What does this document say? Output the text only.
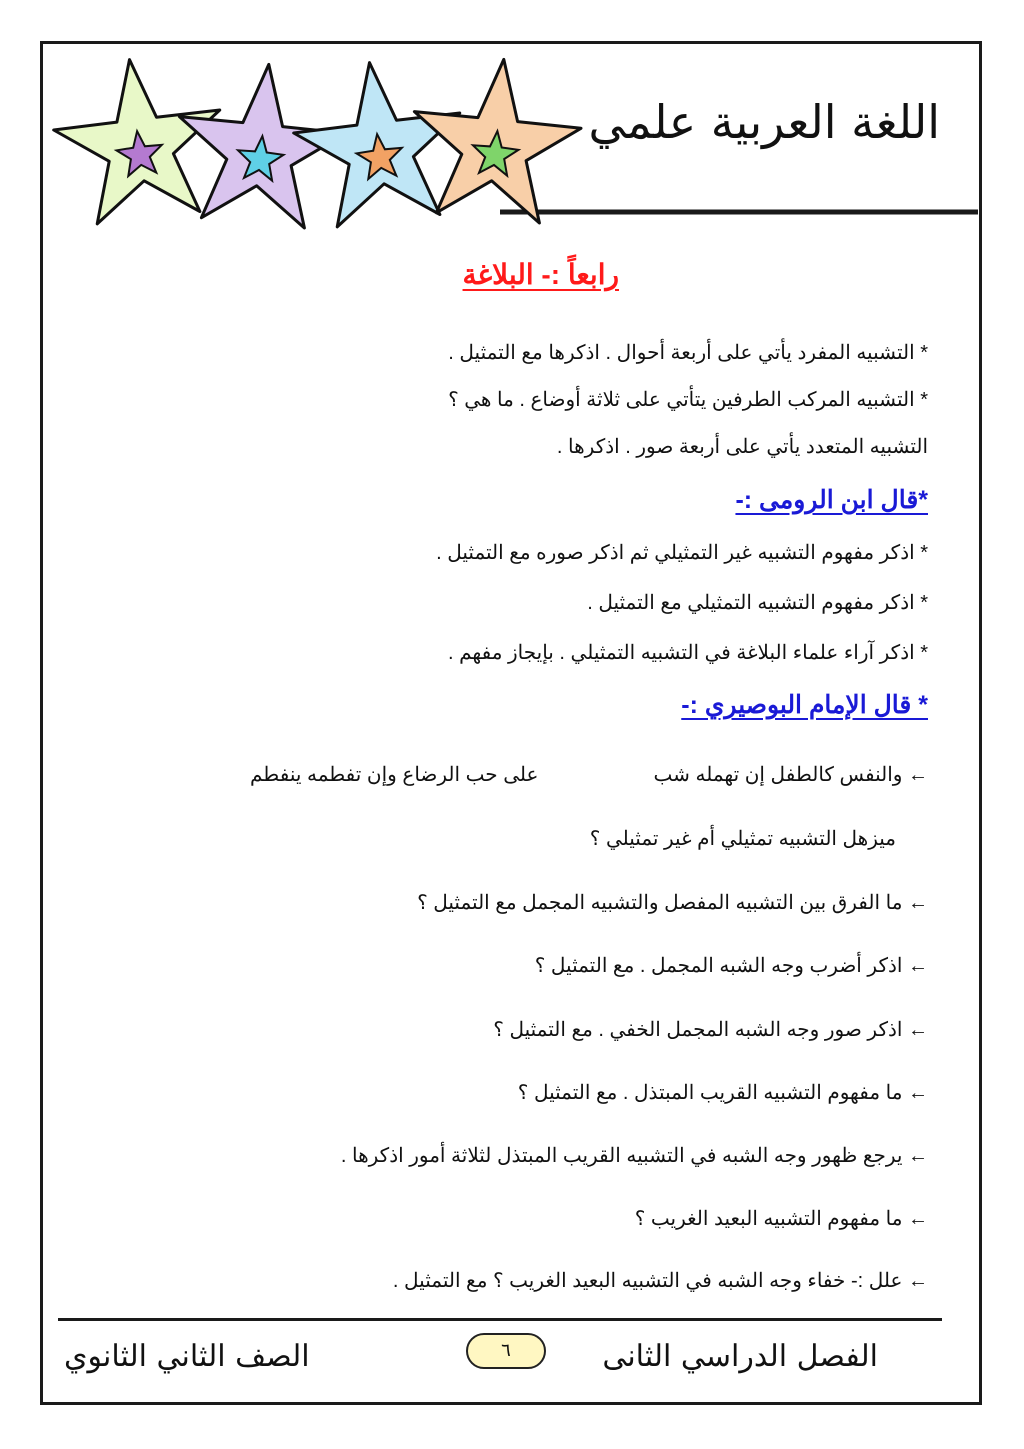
اللغة العربية علمي
رابعاً :- البلاغة
* التشبيه المفرد يأتي على أربعة أحوال . اذكرها مع التمثيل .
* التشبيه المركب الطرفين يتأتي على ثلاثة أوضاع . ما هي ؟
التشبيه المتعدد يأتي على أربعة صور . اذكرها .
*قال ابن الرومى :-
* اذكر مفهوم التشبيه غير التمثيلي ثم اذكر صوره مع التمثيل .
* اذكر مفهوم التشبيه التمثيلي مع التمثيل .
* اذكر آراء علماء البلاغة في التشبيه التمثيلي . بإيجاز مفهم .
* قال الإمام البوصيري :-
← والنفس كالطفل إن تهمله شب
على حب الرضاع وإن تفطمه ينفطم
ميزهل التشبيه تمثيلي أم غير تمثيلي ؟
← ما الفرق بين التشبيه المفصل والتشبيه المجمل مع التمثيل ؟
← اذكر أضرب وجه الشبه المجمل . مع التمثيل ؟
← اذكر صور وجه الشبه المجمل الخفي . مع التمثيل ؟
← ما مفهوم التشبيه القريب المبتذل . مع التمثيل ؟
← يرجع ظهور وجه الشبه في التشبيه القريب المبتذل لثلاثة أمور اذكرها .
← ما مفهوم التشبيه البعيد الغريب ؟
← علل :- خفاء وجه الشبه في التشبيه البعيد الغريب ؟ مع التمثيل .
الفصل الدراسي الثانى
٦
الصف الثاني الثانوي
